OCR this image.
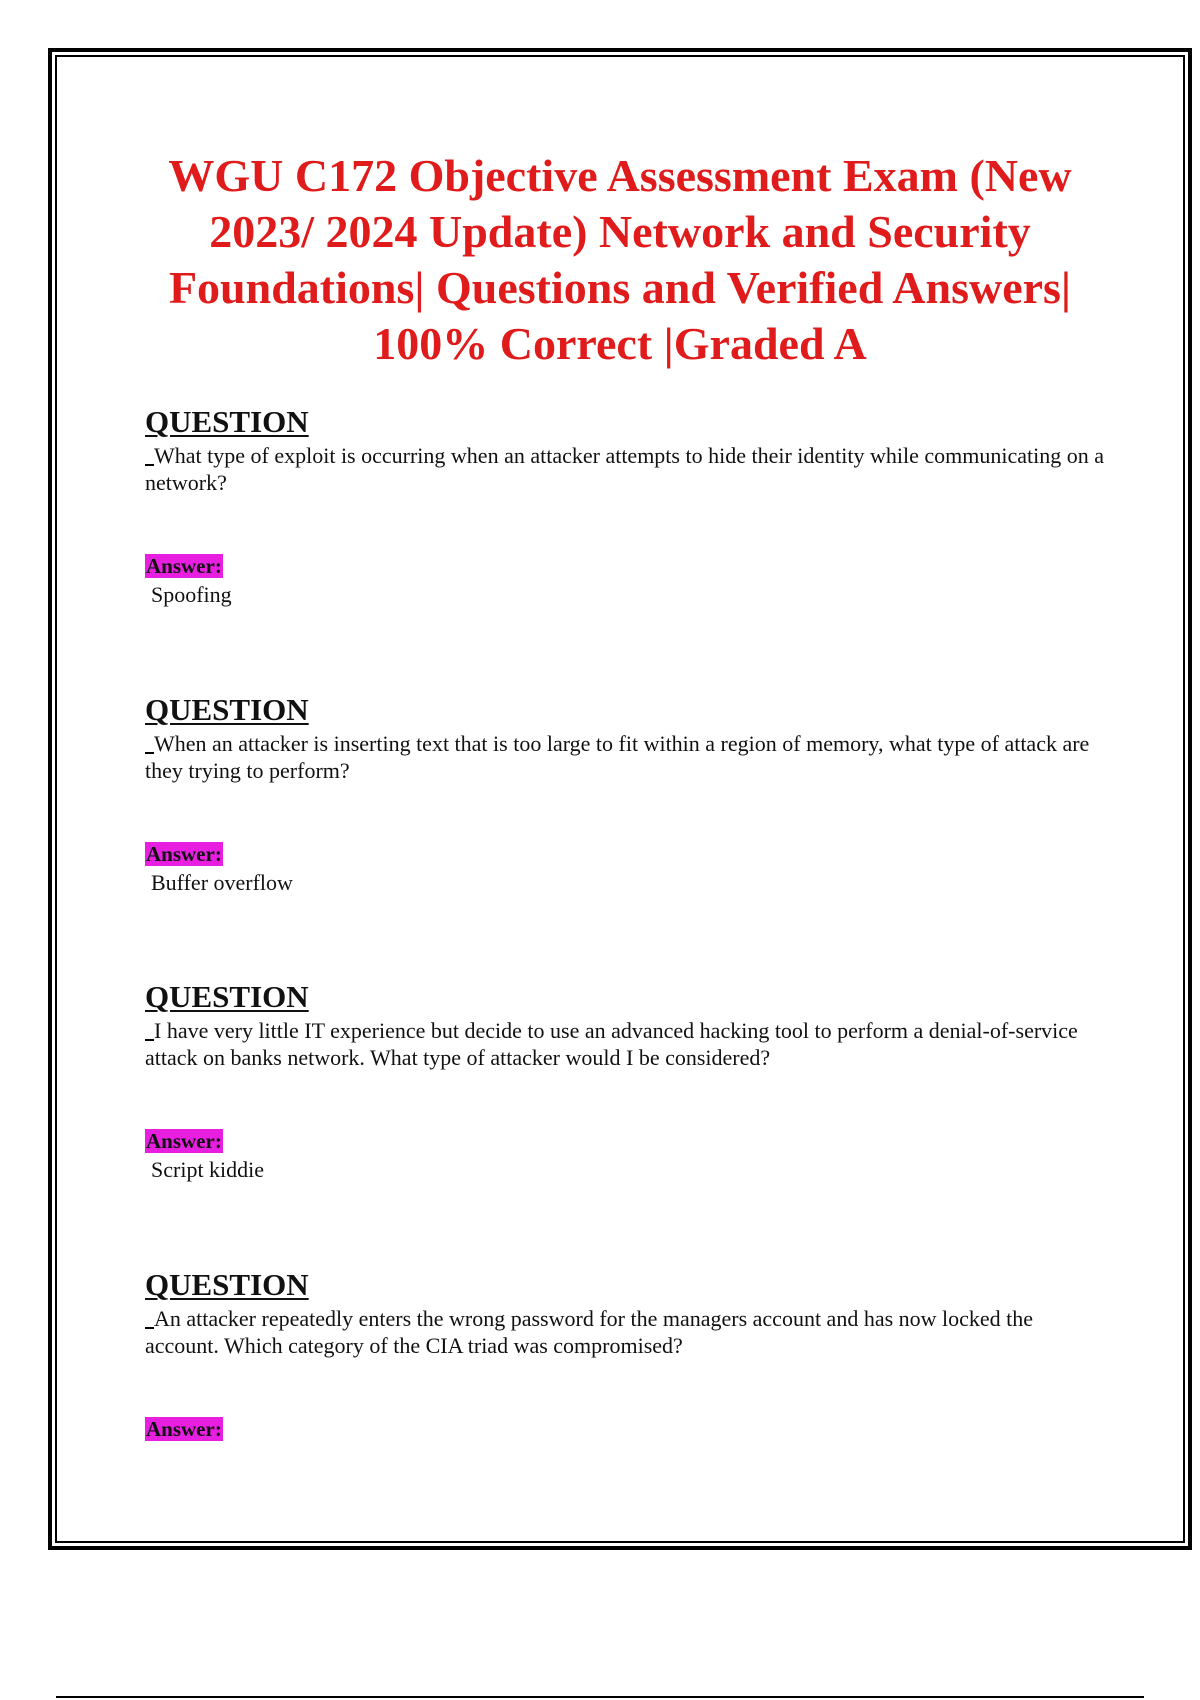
WGU C172 Objective Assessment Exam (New 2023/ 2024 Update) Network and Security Foundations| Questions and Verified Answers| 100% Correct |Graded A
QUESTION
What type of exploit is occurring when an attacker attempts to hide their identity while communicating on a network?
Answer:
Spoofing
QUESTION
When an attacker is inserting text that is too large to fit within a region of memory, what type of attack are they trying to perform?
Answer:
Buffer overflow
QUESTION
I have very little IT experience but decide to use an advanced hacking tool to perform a denial-of-service attack on banks network. What type of attacker would I be considered?
Answer:
Script kiddie
QUESTION
An attacker repeatedly enters the wrong password for the managers account and has now locked the account. Which category of the CIA triad was compromised?
Answer:
